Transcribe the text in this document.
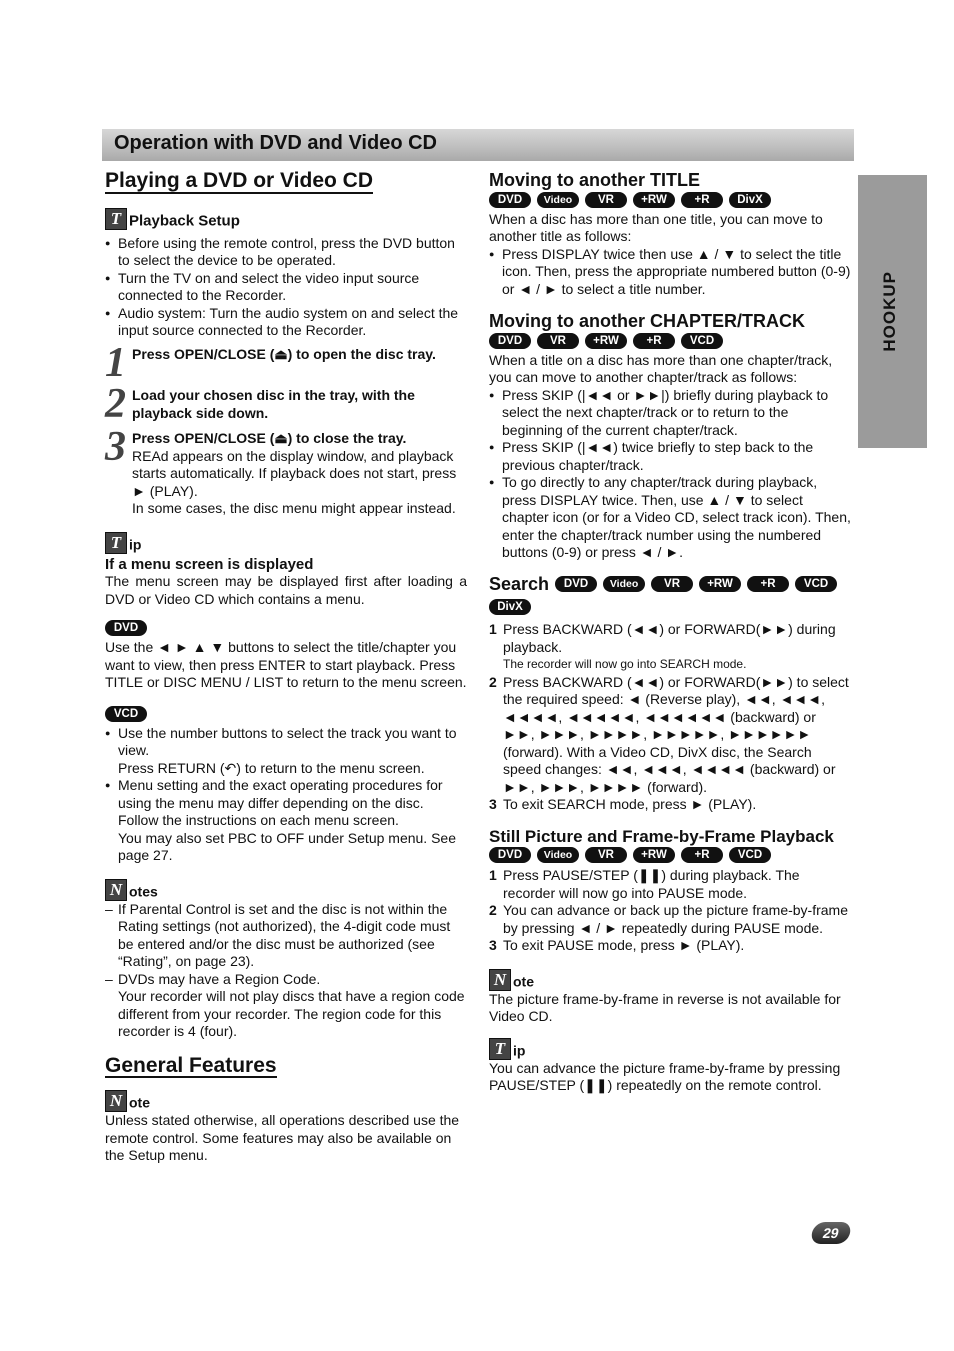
Operation with DVD and Video CD
HOOKUP
Playing a DVD or Video CD
T Playback Setup

● Before using the remote control, press the DVD button to select the device to be operated.

● Turn the TV on and select the video input source connected to the Recorder.

● Audio system: Turn the audio system on and select the input source connected to the Recorder.

1 Press OPEN/CLOSE (⏏) to open the disc tray.

2 Load your chosen disc in the tray, with the playback side down.

3 Press OPEN/CLOSE (⏏) to close the tray.

REAd appears on the display window, and playback starts automatically. If playback does not start, press ► (PLAY).

In some cases, the disc menu might appear instead.

T ip

If a menu screen is displayed

The menu screen may be displayed first after loading a DVD or Video CD which contains a menu.

DVD

Use the ◄ ► ▲ ▼ buttons to select the title/chapter you want to view, then press ENTER to start playback. Press TITLE or DISC MENU / LIST to return to the menu screen.

VCD

● Use the number buttons to select the track you want to view.

Press RETURN (↶) to return to the menu screen.

● Menu setting and the exact operating procedures for using the menu may differ depending on the disc. Follow the instructions on each menu screen.

You may also set PBC to OFF under Setup menu. See page 27.

N otes

– If Parental Control is set and the disc is not within the Rating settings (not authorized), the 4-digit code must be entered and/or the disc must be authorized (see “Rating”, on page 23).

– DVDs may have a Region Code.

Your recorder will not play discs that have a region code different from your recorder. The region code for this recorder is 4 (four).

General Features
N ote

Unless stated otherwise, all operations described use the remote control. Some features may also be available on the Setup menu.

Moving to another TITLE

DVD	Video	VR	+RW	+R	DivX

When a disc has more than one title, you can move to another title as follows:

● Press DISPLAY twice then use ▲ / ▼ to select the title icon. Then, press the appropriate numbered button (0-9) or ◄ / ► to select a title number.

Moving to another CHAPTER/TRACK

DVD	VR	+RW	+R	VCD

When a title on a disc has more than one chapter/track, you can move to another chapter/track as follows:

● Press SKIP (|◄◄ or ►►|) briefly during playback to select the next chapter/track or to return to the beginning of the current chapter/track.

● Press SKIP (|◄◄) twice briefly to step back to the previous chapter/track.

● To go directly to any chapter/track during playback, press DISPLAY twice. Then, use ▲ / ▼ to select chapter icon (or for a Video CD, select track icon). Then, enter the chapter/track number using the numbered buttons (0-9) or press ◄ / ►.

Search	DVD	Video	VR	+RW	+R	VCD
DivX
1 Press BACKWARD (◄◄) or FORWARD(►►) during playback.

The recorder will now go into SEARCH mode.

2 Press BACKWARD (◄◄) or FORWARD(►►) to select the required speed: ◄ (Reverse play), ◄◄, ◄◄◄, ◄◄◄◄, ◄◄◄◄◄, ◄◄◄◄◄◄ (backward) or ►►, ►►►, ►►►►, ►►►►►, ►►►►►► (forward). With a Video CD, DivX disc, the Search speed changes: ◄◄, ◄◄◄, ◄◄◄◄ (backward) or ►►, ►►►, ►►►► (forward).

3 To exit SEARCH mode, press ► (PLAY).

Still Picture and Frame-by-Frame Playback

DVD	Video	VR	+RW	+R	VCD
1 Press PAUSE/STEP (❚❚) during playback. The recorder will now go into PAUSE mode.

2 You can advance or back up the picture frame-by-frame by pressing ◄ / ► repeatedly during PAUSE mode.

3 To exit PAUSE mode, press ► (PLAY).

N ote

The picture frame-by-frame in reverse is not available for Video CD.

T ip

You can advance the picture frame-by-frame by pressing PAUSE/STEP (❚❚) repeatedly on the remote control.

29
